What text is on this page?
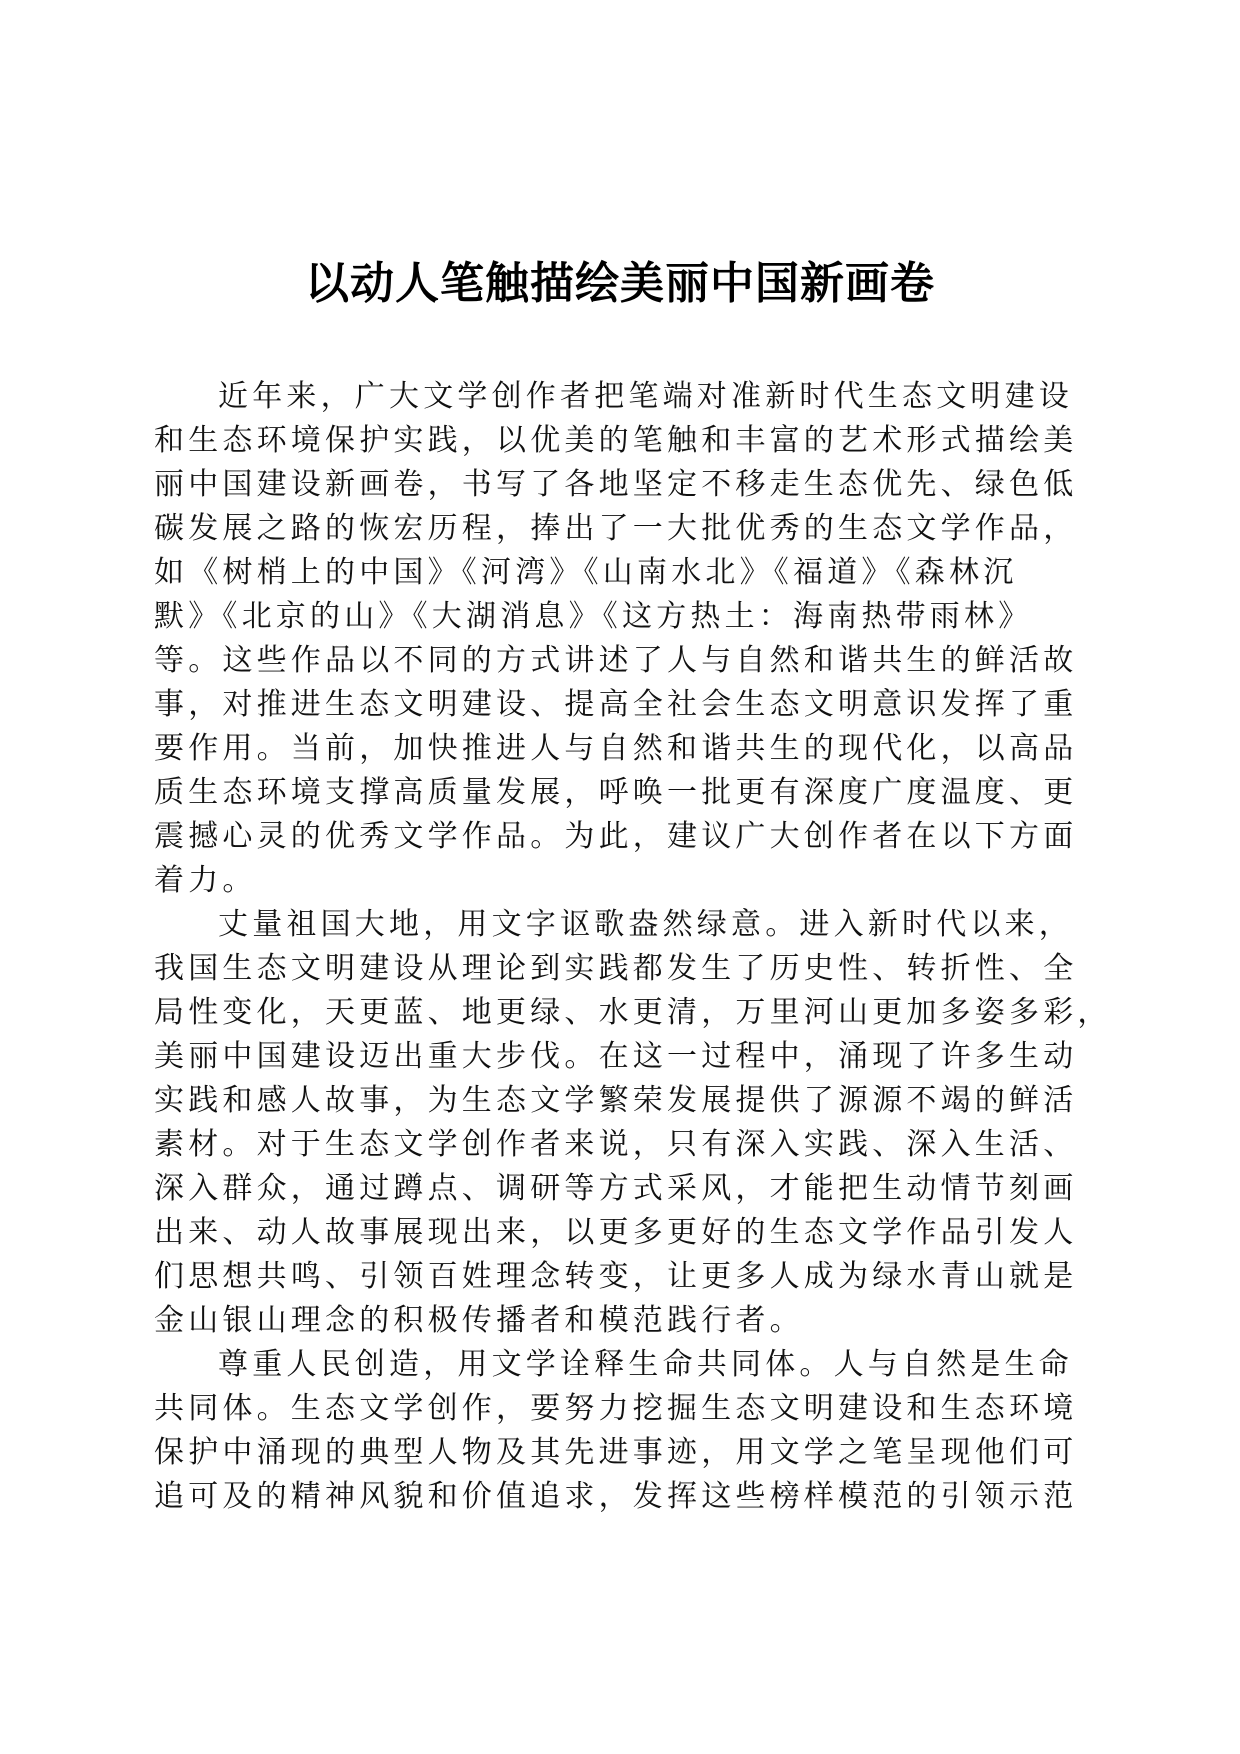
以动人笔触描绘美丽中国新画卷
近年来，广大文学创作者把笔端对准新时代生态文明建设
和生态环境保护实践，以优美的笔触和丰富的艺术形式描绘美
丽中国建设新画卷，书写了各地坚定不移走生态优先、绿色低
碳发展之路的恢宏历程，捧出了一大批优秀的生态文学作品，
如《树梢上的中国》《河湾》《山南水北》《福道》《森林沉
默》《北京的山》《大湖消息》《这方热土：海南热带雨林》
等。这些作品以不同的方式讲述了人与自然和谐共生的鲜活故
事，对推进生态文明建设、提高全社会生态文明意识发挥了重
要作用。当前，加快推进人与自然和谐共生的现代化，以高品
质生态环境支撑高质量发展，呼唤一批更有深度广度温度、更
震撼心灵的优秀文学作品。为此，建议广大创作者在以下方面
着力。
丈量祖国大地，用文字讴歌盎然绿意。进入新时代以来，
我国生态文明建设从理论到实践都发生了历史性、转折性、全
局性变化，天更蓝、地更绿、水更清，万里河山更加多姿多彩，
美丽中国建设迈出重大步伐。在这一过程中，涌现了许多生动
实践和感人故事，为生态文学繁荣发展提供了源源不竭的鲜活
素材。对于生态文学创作者来说，只有深入实践、深入生活、
深入群众，通过蹲点、调研等方式采风，才能把生动情节刻画
出来、动人故事展现出来，以更多更好的生态文学作品引发人
们思想共鸣、引领百姓理念转变，让更多人成为绿水青山就是
金山银山理念的积极传播者和模范践行者。
尊重人民创造，用文学诠释生命共同体。人与自然是生命
共同体。生态文学创作，要努力挖掘生态文明建设和生态环境
保护中涌现的典型人物及其先进事迹，用文学之笔呈现他们可
追可及的精神风貌和价值追求，发挥这些榜样模范的引领示范
